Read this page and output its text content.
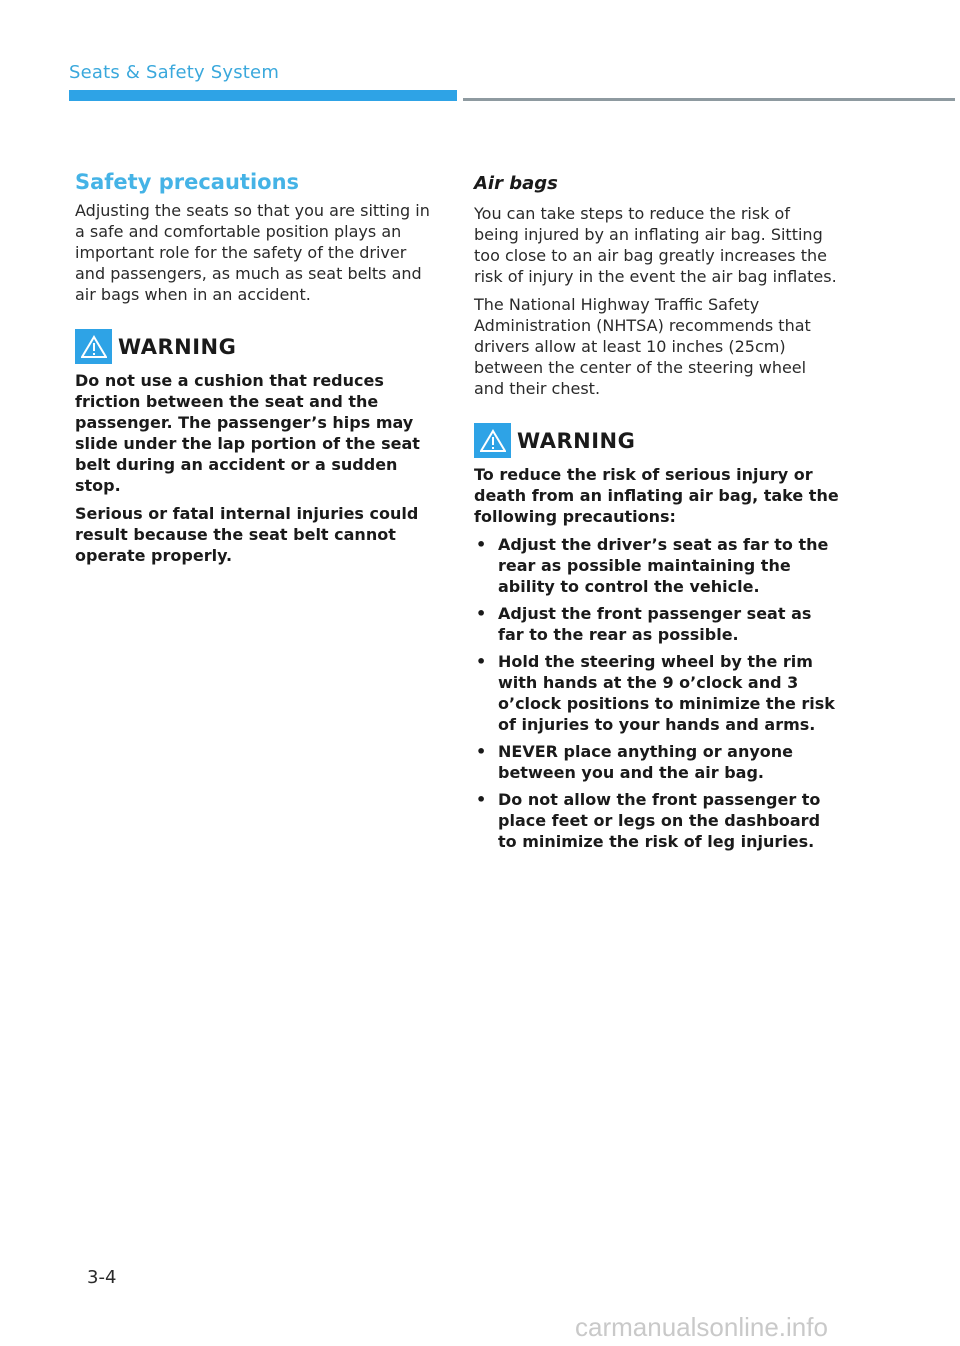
Seats & Safety System
Safety precautions

Adjusting the seats so that you are sitting in a safe and comfortable position plays an important role for the safety of the driver and passengers, as much as seat belts and air bags when in an accident.

WARNING

Do not use a cushion that reduces friction between the seat and the passenger. The passenger’s hips may slide under the lap portion of the seat belt during an accident or a sudden stop.

Serious or fatal internal injuries could result because the seat belt cannot operate properly.

Air bags

You can take steps to reduce the risk of being injured by an inflating air bag. Sitting too close to an air bag greatly increases the risk of injury in the event the air bag inflates.

The National Highway Traffic Safety Administration (NHTSA) recommends that drivers allow at least 10 inches (25cm) between the center of the steering wheel and their chest.

WARNING

To reduce the risk of serious injury or death from an inflating air bag, take the following precautions:

• Adjust the driver’s seat as far to the rear as possible maintaining the ability to control the vehicle.
• Adjust the front passenger seat as far to the rear as possible.
• Hold the steering wheel by the rim with hands at the 9 o’clock and 3 o’clock positions to minimize the risk of injuries to your hands and arms.
• NEVER place anything or anyone between you and the air bag.
• Do not allow the front passenger to place feet or legs on the dashboard to minimize the risk of leg injuries.
3-4
carmanualsonline.info
